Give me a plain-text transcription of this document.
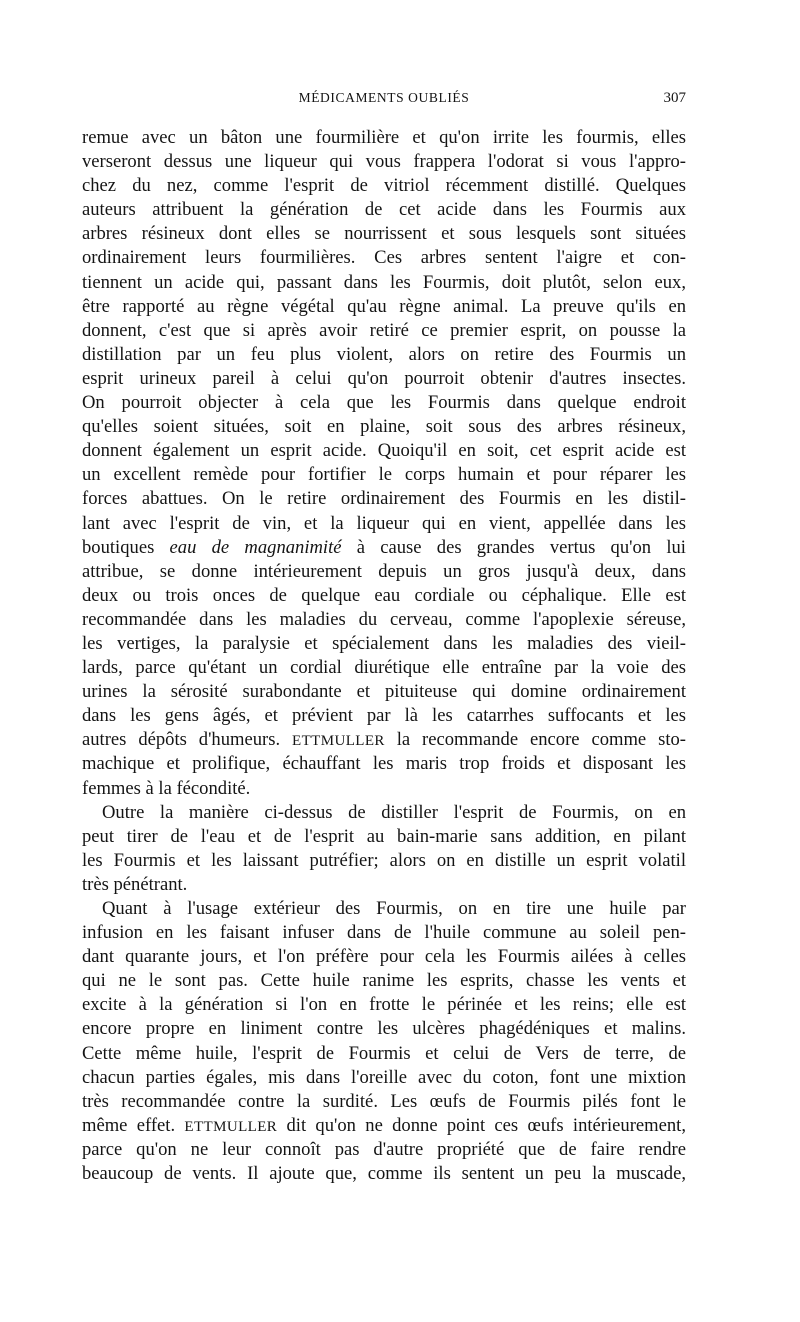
MÉDICAMENTS OUBLIÉS	307
remue avec un bâton une fourmilière et qu'on irrite les fourmis, elles
verseront dessus une liqueur qui vous frappera l'odorat si vous l'appro-
chez du nez, comme l'esprit de vitriol récemment distillé. Quelques
auteurs attribuent la génération de cet acide dans les Fourmis aux
arbres résineux dont elles se nourrissent et sous lesquels sont situées
ordinairement leurs fourmilières. Ces arbres sentent l'aigre et con-
tiennent un acide qui, passant dans les Fourmis, doit plutôt, selon eux,
être rapporté au règne végétal qu'au règne animal. La preuve qu'ils en
donnent, c'est que si après avoir retiré ce premier esprit, on pousse la
distillation par un feu plus violent, alors on retire des Fourmis un
esprit urineux pareil à celui qu'on pourroit obtenir d'autres insectes.
On pourroit objecter à cela que les Fourmis dans quelque endroit
qu'elles soient situées, soit en plaine, soit sous des arbres résineux,
donnent également un esprit acide. Quoiqu'il en soit, cet esprit acide est
un excellent remède pour fortifier le corps humain et pour réparer les
forces abattues. On le retire ordinairement des Fourmis en les distil-
lant avec l'esprit de vin, et la liqueur qui en vient, appellée dans les
boutiques eau de magnanimité à cause des grandes vertus qu'on lui
attribue, se donne intérieurement depuis un gros jusqu'à deux, dans
deux ou trois onces de quelque eau cordiale ou céphalique. Elle est
recommandée dans les maladies du cerveau, comme l'apoplexie séreuse,
les vertiges, la paralysie et spécialement dans les maladies des vieil-
lards, parce qu'étant un cordial diurétique elle entraîne par la voie des
urines la sérosité surabondante et pituiteuse qui domine ordinairement
dans les gens âgés, et prévient par là les catarrhes suffocants et les
autres dépôts d'humeurs. ETTMULLER la recommande encore comme sto-
machique et prolifique, échauffant les maris trop froids et disposant les
femmes à la fécondité.
Outre la manière ci-dessus de distiller l'esprit de Fourmis, on en
peut tirer de l'eau et de l'esprit au bain-marie sans addition, en pilant
les Fourmis et les laissant putréfier; alors on en distille un esprit volatil
très pénétrant.
Quant à l'usage extérieur des Fourmis, on en tire une huile par
infusion en les faisant infuser dans de l'huile commune au soleil pen-
dant quarante jours, et l'on préfère pour cela les Fourmis ailées à celles
qui ne le sont pas. Cette huile ranime les esprits, chasse les vents et
excite à la génération si l'on en frotte le périnée et les reins; elle est
encore propre en liniment contre les ulcères phagédéniques et malins.
Cette même huile, l'esprit de Fourmis et celui de Vers de terre, de
chacun parties égales, mis dans l'oreille avec du coton, font une mixtion
très recommandée contre la surdité. Les œufs de Fourmis pilés font le
même effet. ETTMULLER dit qu'on ne donne point ces œufs intérieurement,
parce qu'on ne leur connoît pas d'autre propriété que de faire rendre
beaucoup de vents. Il ajoute que, comme ils sentent un peu la muscade,
